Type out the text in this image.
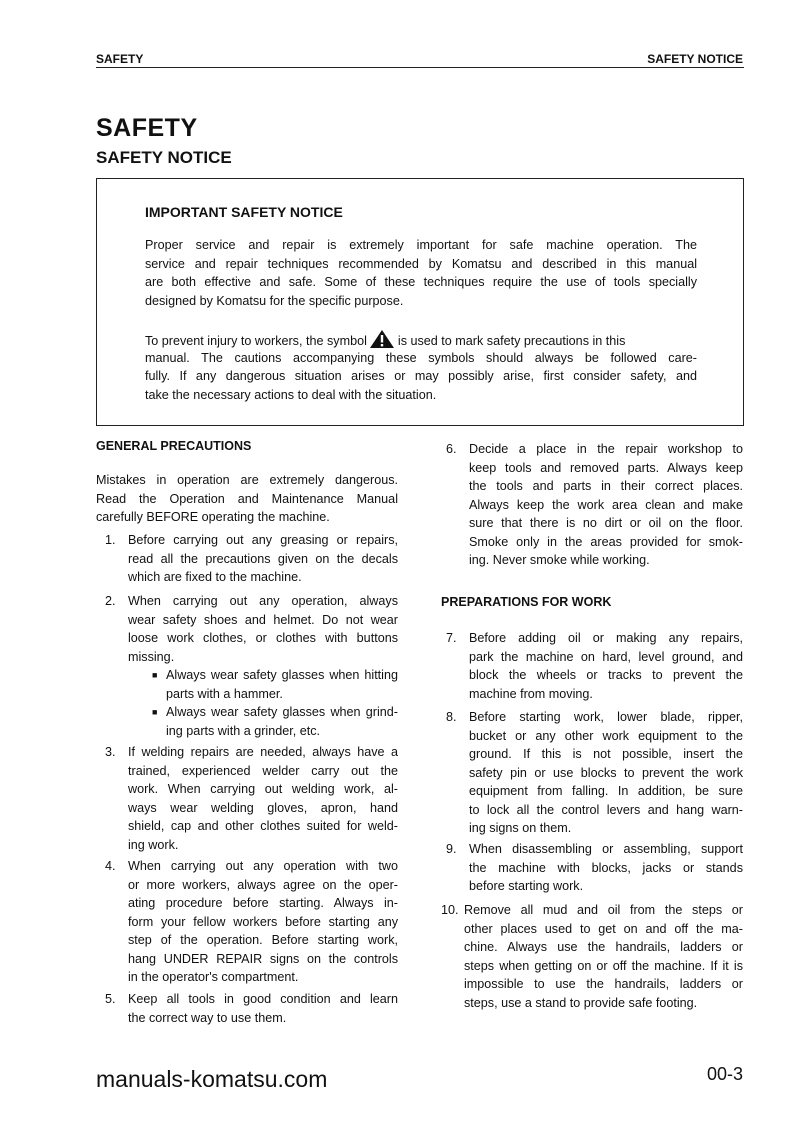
SAFETY	SAFETY NOTICE
SAFETY
SAFETY NOTICE
IMPORTANT SAFETY NOTICE
Proper service and repair is extremely important for safe machine operation. The
service and repair techniques recommended by Komatsu and described in this manual
are both effective and safe. Some of these techniques require the use of tools specially
designed by Komatsu for the specific purpose.
To prevent injury to workers, the symbol is used to mark safety precautions in this
manual. The cautions accompanying these symbols should always be followed care-
fully. If any dangerous situation arises or may possibly arise, first consider safety, and
take the necessary actions to deal with the situation.
GENERAL PRECAUTIONS
Mistakes in operation are extremely dangerous.
Read the Operation and Maintenance Manual
carefully BEFORE operating the machine.
PREPARATIONS FOR WORK
manuals-komatsu.com	00-3
1. Before carrying out any greasing or repairs,
read all the precautions given on the decals
which are fixed to the machine.
2. When carrying out any operation, always
wear safety shoes and helmet. Do not wear
loose work clothes, or clothes with buttons
missing.
■ Always wear safety glasses when hitting
parts with a hammer.
■ Always wear safety glasses when grind-
ing parts with a grinder, etc.
3. If welding repairs are needed, always have a
trained, experienced welder carry out the
work. When carrying out welding work, al-
ways wear welding gloves, apron, hand
shield, cap and other clothes suited for weld-
ing work.
4. When carrying out any operation with two
or more workers, always agree on the oper-
ating procedure before starting. Always in-
form your fellow workers before starting any
step of the operation. Before starting work,
hang UNDER REPAIR signs on the controls
in the operator's compartment.
5. Keep all tools in good condition and learn
the correct way to use them.
6. Decide a place in the repair workshop to
keep tools and removed parts. Always keep
the tools and parts in their correct places.
Always keep the work area clean and make
sure that there is no dirt or oil on the floor.
Smoke only in the areas provided for smok-
ing. Never smoke while working.
7. Before adding oil or making any repairs,
park the machine on hard, level ground, and
block the wheels or tracks to prevent the
machine from moving.
8. Before starting work, lower blade, ripper,
bucket or any other work equipment to the
ground. If this is not possible, insert the
safety pin or use blocks to prevent the work
equipment from falling. In addition, be sure
to lock all the control levers and hang warn-
ing signs on them.
9. When disassembling or assembling, support
the machine with blocks, jacks or stands
before starting work.
10. Remove all mud and oil from the steps or
other places used to get on and off the ma-
chine. Always use the handrails, ladders or
steps when getting on or off the machine. If it is
impossible to use the handrails, ladders or
steps, use a stand to provide safe footing.
